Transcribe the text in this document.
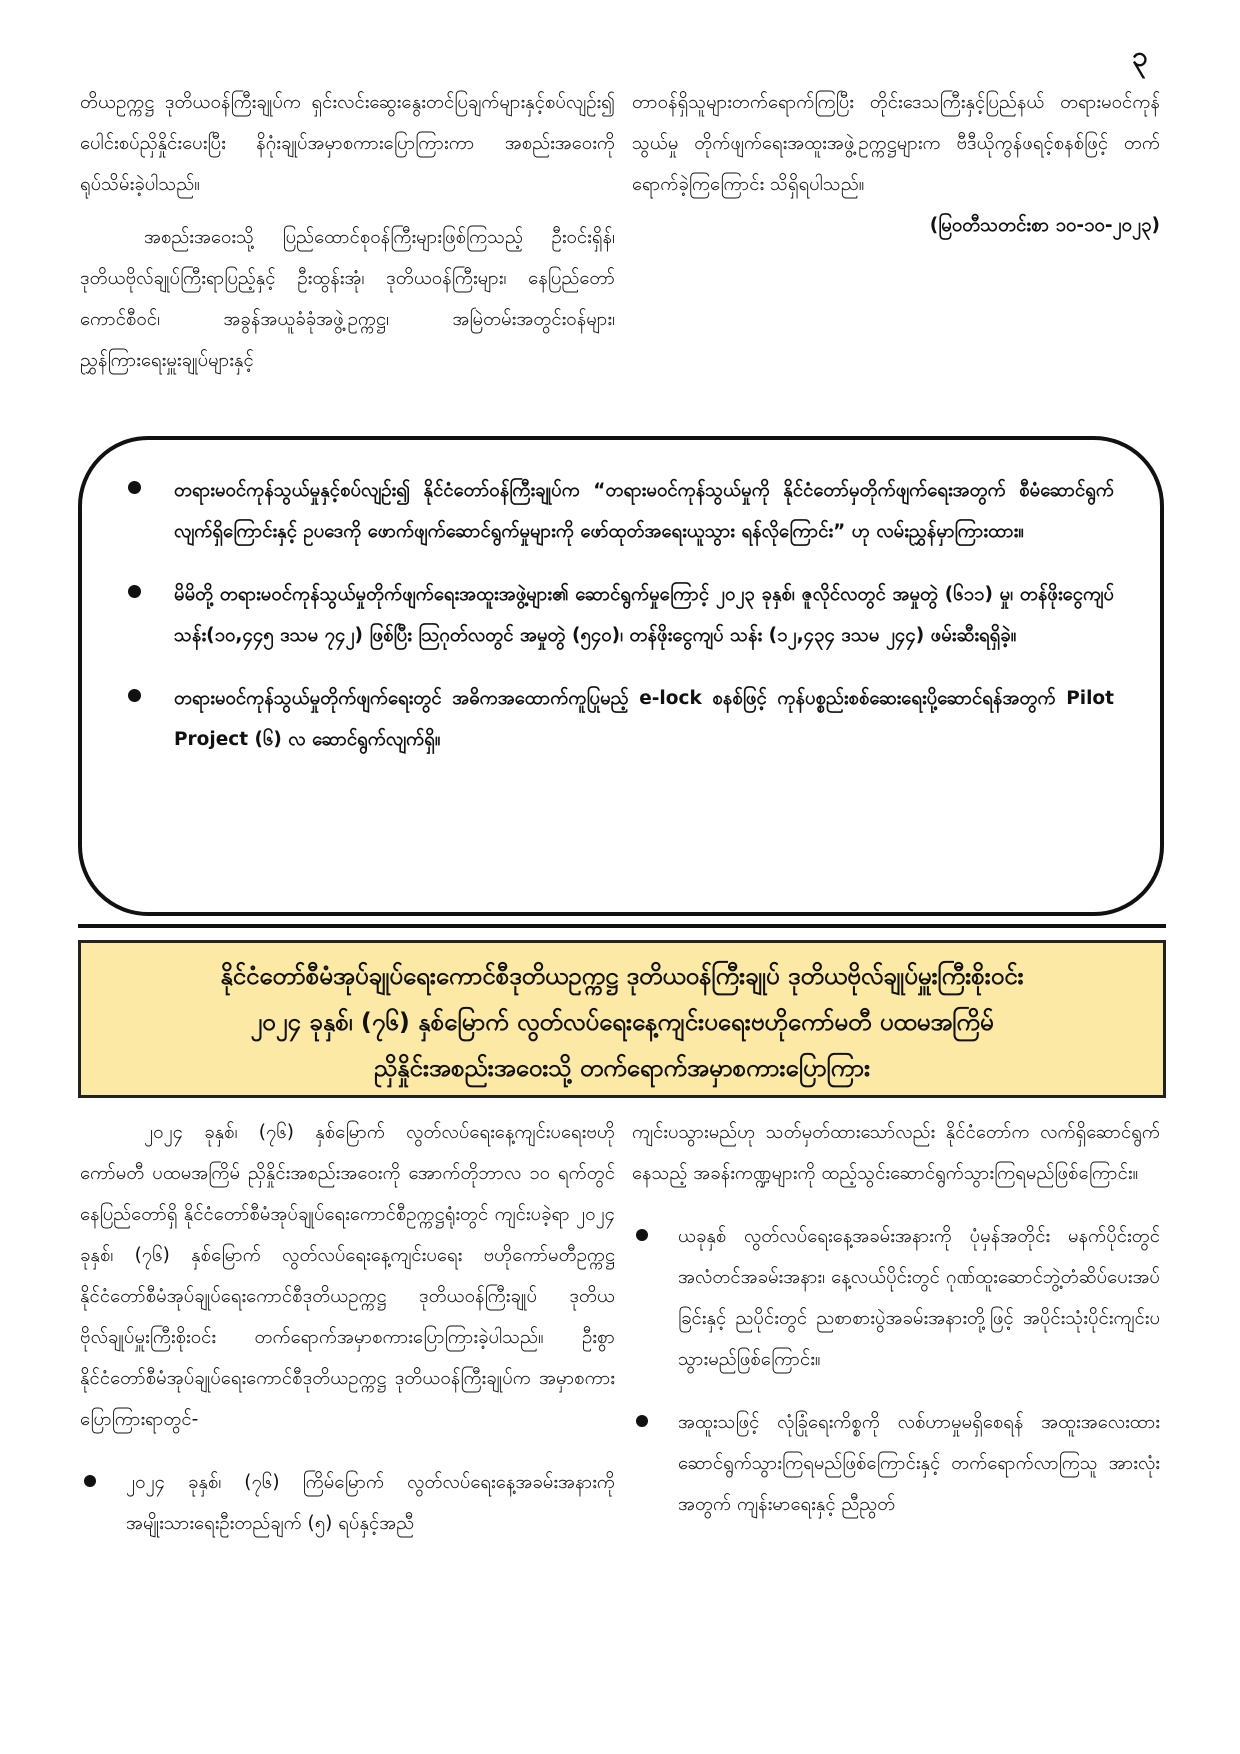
၃

တိယဥက္ကဋ္ဌ ဒုတိယဝန်ကြီးချုပ်က ရှင်းလင်းဆွေးနွေးတင်ပြချက်များနှင့်စပ်လျဉ်း၍ ပေါင်းစပ်ညှိနှိုင်းပေးပြီး နိဂုံးချုပ်အမှာစကားပြောကြားကာ အစည်းအဝေးကို ရုပ်သိမ်းခဲ့ပါသည်။

အစည်းအဝေးသို့ ပြည်ထောင်စုဝန်ကြီးများဖြစ်ကြသည့် ဦးဝင်းရှိန်၊ ဒုတိယဗိုလ်ချုပ်ကြီးရာပြည့်နှင့် ဦးထွန်းအုံ၊ ဒုတိယဝန်ကြီးများ၊ နေပြည်တော်ကောင်စီဝင်၊ အခွန်အယူခံခုံအဖွဲ့ဥက္ကဋ္ဌ၊ အမြဲတမ်းအတွင်းဝန်များ၊ ညွှန်ကြားရေးမှူးချုပ်များနှင့်

တာဝန်ရှိသူများတက်ရောက်ကြပြီး တိုင်းဒေသကြီးနှင့်ပြည်နယ် တရားမဝင်ကုန်သွယ်မှု တိုက်ဖျက်ရေးအထူးအဖွဲ့ဥက္ကဋ္ဌများက ဗီဒီယိုကွန်ဖရင့်စနစ်ဖြင့် တက်ရောက်ခဲ့ကြကြောင်း သိရှိရပါသည်။

(မြဝတီသတင်းစာ ၁၀-၁၀-၂၀၂၃)

တရားမဝင်ကုန်သွယ်မှုနှင့်စပ်လျဉ်း၍ နိုင်ငံတော်ဝန်ကြီးချုပ်က “တရားမဝင်ကုန်သွယ်မှုကို နိုင်ငံတော်မှတိုက်ဖျက်ရေးအတွက် စီမံဆောင်ရွက်လျက်ရှိကြောင်းနှင့် ဥပဒေကို ဖောက်ဖျက်ဆောင်ရွက်မှုများကို ဖော်ထုတ်အရေးယူသွား ရန်လိုကြောင်း” ဟု လမ်းညွှန်မှာကြားထား။
မိမိတို့ တရားမဝင်ကုန်သွယ်မှုတိုက်ဖျက်ရေးအထူးအဖွဲ့များ၏ ဆောင်ရွက်မှုကြောင့် ၂၀၂၃ ခုနှစ်၊ ဇူလိုင်လတွင် အမှုတွဲ (၆၁၁) မှု၊ တန်ဖိုးငွေကျပ်သန်း(၁၀,၄၄၅ ဒသမ ၇၄၂) ဖြစ်ပြီး ဩဂုတ်လတွင် အမှုတွဲ (၅၄၀)၊ တန်ဖိုးငွေကျပ် သန်း (၁၂,၄၃၄ ဒသမ ၂၄၄) ဖမ်းဆီးရရှိခဲ့။
တရားမဝင်ကုန်သွယ်မှုတိုက်ဖျက်ရေးတွင် အဓိကအထောက်ကူပြုမည့် e-lock စနစ်ဖြင့် ကုန်ပစ္စည်းစစ်ဆေးရေးပို့ဆောင်ရန်အတွက် Pilot Project (၆) လ ဆောင်ရွက်လျက်ရှိ။
နိုင်ငံတော်စီမံအုပ်ချုပ်ရေးကောင်စီဒုတိယဥက္ကဋ္ဌ ဒုတိယဝန်ကြီးချုပ် ဒုတိယဗိုလ်ချုပ်မှူးကြီးစိုးဝင်း
၂၀၂၄ ခုနှစ်၊ (၇၆) နှစ်မြောက် လွတ်လပ်ရေးနေ့ကျင်းပရေးဗဟိုကော်မတီ ပထမအကြိမ်
ညှိနှိုင်းအစည်းအဝေးသို့ တက်ရောက်အမှာစကားပြောကြား

၂၀၂၄ ခုနှစ်၊ (၇၆) နှစ်မြောက် လွတ်လပ်ရေးနေ့ကျင်းပရေးဗဟိုကော်မတီ ပထမအကြိမ် ညှိနှိုင်းအစည်းအဝေးကို အောက်တိုဘာလ ၁၀ ရက်တွင် နေပြည်တော်ရှိ နိုင်ငံတော်စီမံအုပ်ချုပ်ရေးကောင်စီဥက္ကဋ္ဌရုံးတွင် ကျင်းပခဲ့ရာ ၂၀၂၄ ခုနှစ်၊ (၇၆) နှစ်မြောက် လွတ်လပ်ရေးနေ့ကျင်းပရေး ဗဟိုကော်မတီဥက္ကဋ္ဌ နိုင်ငံတော်စီမံအုပ်ချုပ်ရေးကောင်စီဒုတိယဥက္ကဋ္ဌ ဒုတိယဝန်ကြီးချုပ် ဒုတိယဗိုလ်ချုပ်မှူးကြီးစိုးဝင်း တက်ရောက်အမှာစကားပြောကြားခဲ့ပါသည်။ ဦးစွာ နိုင်ငံတော်စီမံအုပ်ချုပ်ရေးကောင်စီဒုတိယဥက္ကဋ္ဌ ဒုတိယဝန်ကြီးချုပ်က အမှာစကား ပြောကြားရာတွင်-

၂၀၂၄ ခုနှစ်၊ (၇၆) ကြိမ်မြောက် လွတ်လပ်ရေးနေ့အခမ်းအနားကို အမျိုးသားရေးဦးတည်ချက် (၅) ရပ်နှင့်အညီ

ကျင်းပသွားမည်ဟု သတ်မှတ်ထားသော်လည်း နိုင်ငံတော်က လက်ရှိဆောင်ရွက်နေသည့် အခန်းကဏ္ဍများကို ထည့်သွင်းဆောင်ရွက်သွားကြရမည်ဖြစ်ကြောင်း။

ယခုနှစ် လွတ်လပ်ရေးနေ့အခမ်းအနားကို ပုံမှန်အတိုင်း မနက်ပိုင်းတွင် အလံတင်အခမ်းအနား၊ နေ့လယ်ပိုင်းတွင် ဂုဏ်ထူးဆောင်ဘွဲ့တံဆိပ်ပေးအပ်ခြင်းနှင့် ညပိုင်းတွင် ညစာစားပွဲအခမ်းအနားတို့ဖြင့် အပိုင်းသုံးပိုင်းကျင်းပသွားမည်ဖြစ်ကြောင်း။
အထူးသဖြင့် လုံခြုံရေးကိစ္စကို လစ်ဟာမှုမရှိစေရန် အထူးအလေးထား ဆောင်ရွက်သွားကြရမည်ဖြစ်ကြောင်းနှင့် တက်ရောက်လာကြသူ အားလုံးအတွက် ကျန်းမာရေးနှင့် ညီညွတ်
